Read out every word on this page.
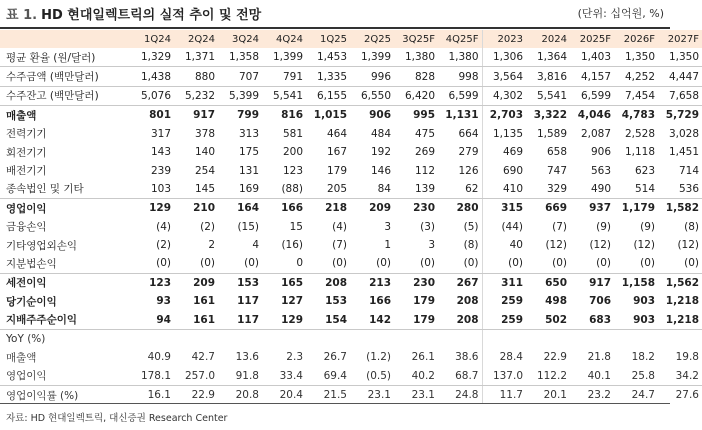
표 1. HD 현대일렉트릭의 실적 추이 및 전망	(단위: 십억원, %)
	1Q24	2Q24	3Q24	4Q24	1Q25	2Q25	3Q25F	4Q25F	2023	2024	2025F	2026F	2027F
평균 환율 (원/달러)	1,329	1,371	1,358	1,399	1,453	1,399	1,380	1,380	1,306	1,364	1,403	1,350	1,350
수주금액 (백만달러)	1,438	880	707	791	1,335	996	828	998	3,564	3,816	4,157	4,252	4,447
수주잔고 (백만달러)	5,076	5,232	5,399	5,541	6,155	6,550	6,420	6,599	4,302	5,541	6,599	7,454	7,658
매출액	801	917	799	816	1,015	906	995	1,131	2,703	3,322	4,046	4,783	5,729
전력기기	317	378	313	581	464	484	475	664	1,135	1,589	2,087	2,528	3,028
회전기기	143	140	175	200	167	192	269	279	469	658	906	1,118	1,451
배전기기	239	254	131	123	179	146	112	126	690	747	563	623	714
종속법인 및 기타	103	145	169	(88)	205	84	139	62	410	329	490	514	536
영업이익	129	210	164	166	218	209	230	280	315	669	937	1,179	1,582
금융손익	(4)	(2)	(15)	15	(4)	3	(3)	(5)	(44)	(7)	(9)	(9)	(8)
기타영업외손익	(2)	2	4	(16)	(7)	1	3	(8)	40	(12)	(12)	(12)	(12)
지분법손익	(0)	(0)	(0)	0	(0)	(0)	(0)	(0)	(0)	(0)	(0)	(0)	(0)
세전이익	123	209	153	165	208	213	230	267	311	650	917	1,158	1,562
당기순이익	93	161	117	127	153	166	179	208	259	498	706	903	1,218
지배주주순이익	94	161	117	129	154	142	179	208	259	502	683	903	1,218
YoY (%)													
매출액	40.9	42.7	13.6	2.3	26.7	(1.2)	26.1	38.6	28.4	22.9	21.8	18.2	19.8
영업이익	178.1	257.0	91.8	33.4	69.4	(0.5)	40.2	68.7	137.0	112.2	40.1	25.8	34.2
영업이익률 (%)	16.1	22.9	20.8	20.4	21.5	23.1	23.1	24.8	11.7	20.1	23.2	24.7	27.6
자료: HD 현대일렉트릭, 대신증권 Research Center
